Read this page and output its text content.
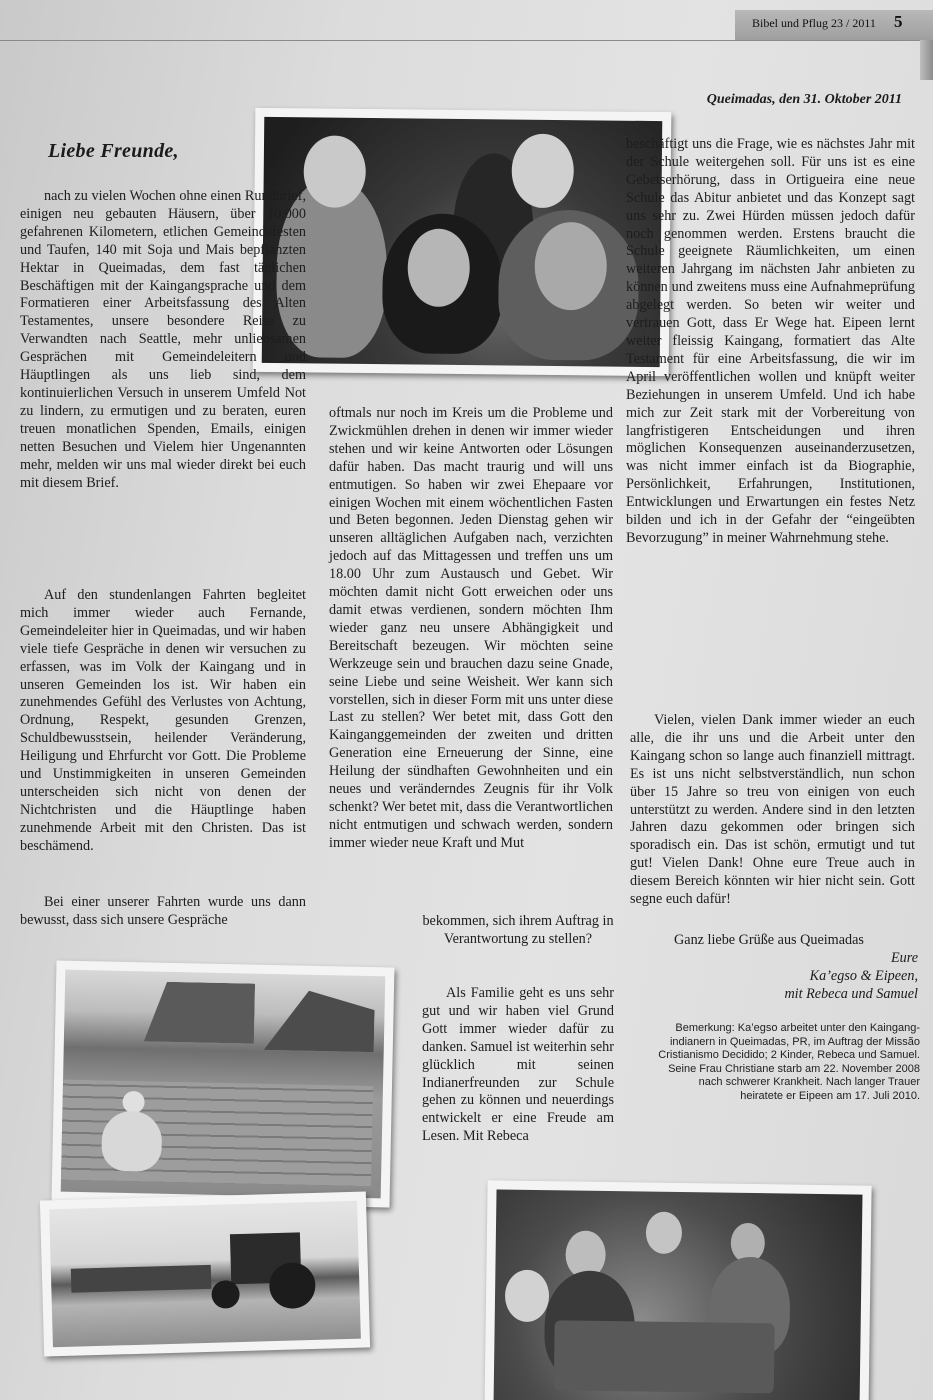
Bibel und Pflug 23 / 2011 5
Queimadas, den 31. Oktober 2011
Liebe Freunde,

nach zu vielen Wochen ohne einen Rundbrief, einigen neu gebauten Häusern, über 10.000 gefahrenen Kilometern, etlichen Gemeindefesten und Taufen, 140 mit Soja und Mais bepflanzten Hektar in Queimadas, dem fast täglichen Beschäftigen mit der Kaingangsprache und dem Formatieren einer Arbeitsfassung des Alten Testamentes, unsere besondere Reise zu Verwandten nach Seattle, mehr unliebsamen Gesprächen mit Gemeindeleitern und Häuptlingen als uns lieb sind, dem kontinuierlichen Versuch in unserem Umfeld Not zu lindern, zu ermutigen und zu beraten, euren treuen monatlichen Spenden, Emails, einigen netten Besuchen und Vielem hier Ungenannten mehr, melden wir uns mal wieder direkt bei euch mit diesem Brief.

Auf den stundenlangen Fahrten begleitet mich immer wieder auch Fernande, Gemeindeleiter hier in Queimadas, und wir haben viele tiefe Gespräche in denen wir versuchen zu erfassen, was im Volk der Kaingang und in unseren Gemeinden los ist. Wir haben ein zunehmendes Gefühl des Verlustes von Achtung, Ordnung, Respekt, gesunden Grenzen, Schuldbewusstsein, heilender Veränderung, Heiligung und Ehrfurcht vor Gott. Die Probleme und Unstimmigkeiten in unseren Gemeinden unterscheiden sich nicht von denen der Nichtchristen und die Häuptlinge haben zunehmende Arbeit mit den Christen. Das ist beschämend.

Bei einer unserer Fahrten wurde uns dann bewusst, dass sich unsere Gespräche

oftmals nur noch im Kreis um die Probleme und Zwickmühlen drehen in denen wir immer wieder stehen und wir keine Antworten oder Lösungen dafür haben. Das macht traurig und will uns entmutigen. So haben wir zwei Ehepaare vor einigen Wochen mit einem wöchentlichen Fasten und Beten begonnen. Jeden Dienstag gehen wir unseren alltäglichen Aufgaben nach, verzichten jedoch auf das Mittagessen und treffen uns um 18.00 Uhr zum Austausch und Gebet. Wir möchten damit nicht Gott erweichen oder uns damit etwas verdienen, sondern möchten Ihm wieder ganz neu unsere Abhängigkeit und Bereitschaft bezeugen. Wir möchten seine Werkzeuge sein und brauchen dazu seine Gnade, seine Liebe und seine Weisheit. Wer kann sich vorstellen, sich in dieser Form mit uns unter diese Last zu stellen? Wer betet mit, dass Gott den Kainganggemeinden der zweiten und dritten Generation eine Erneuerung der Sinne, eine Heilung der sündhaften Gewohnheiten und ein neues und veränderndes Zeugnis für ihr Volk schenkt? Wer betet mit, dass die Verantwortlichen nicht entmutigen und schwach werden, sondern immer wieder neue Kraft und Mut

bekommen, sich ihrem Auftrag in Verantwortung zu stellen?

Als Familie geht es uns sehr gut und wir haben viel Grund Gott immer wieder dafür zu danken. Samuel ist weiterhin sehr glücklich mit seinen Indianerfreunden zur Schule gehen zu können und neuerdings entwickelt er eine Freude am Lesen. Mit Rebeca

beschäftigt uns die Frage, wie es nächstes Jahr mit der Schule weitergehen soll. Für uns ist es eine Gebetserhörung, dass in Ortigueira eine neue Schule das Abitur anbietet und das Konzept sagt uns sehr zu. Zwei Hürden müssen jedoch dafür noch genommen werden. Erstens braucht die Schule geeignete Räumlichkeiten, um einen weiteren Jahrgang im nächsten Jahr anbieten zu können und zweitens muss eine Aufnahmeprüfung abgelegt werden. So beten wir weiter und vertrauen Gott, dass Er Wege hat. Eipeen lernt weiter fleissig Kaingang, formatiert das Alte Testament für eine Arbeitsfassung, die wir im April veröffentlichen wollen und knüpft weiter Beziehungen in unserem Umfeld. Und ich habe mich zur Zeit stark mit der Vorbereitung von langfristigeren Entscheidungen und ihren möglichen Konsequenzen auseinanderzusetzen, was nicht immer einfach ist da Biographie, Persönlichkeit, Erfahrungen, Institutionen, Entwicklungen und Erwartungen ein festes Netz bilden und ich in der Gefahr der “eingeübten Bevorzugung” in meiner Wahrnehmung stehe.

Vielen, vielen Dank immer wieder an euch alle, die ihr uns und die Arbeit unter den Kaingang schon so lange auch finanziell mittragt. Es ist uns nicht selbstverständlich, nun schon über 15 Jahre so treu von einigen von euch unterstützt zu werden. Andere sind in den letzten Jahren dazu gekommen oder bringen sich sporadisch ein. Das ist schön, ermutigt und tut gut! Vielen Dank! Ohne eure Treue auch in diesem Bereich könnten wir hier nicht sein. Gott segne euch dafür!

Ganz liebe Grüße aus Queimadas
Eure
Ka’egso & Eipeen,
mit Rebeca und Samuel
Bemerkung: Ka’egso arbeitet unter den Kaingang-
indianern in Queimadas, PR, im Auftrag der Missão
Cristianismo Decidido; 2 Kinder, Rebeca und Samuel.
Seine Frau Christiane starb am 22. November 2008
nach schwerer Krankheit. Nach langer Trauer
heiratete er Eipeen am 17. Juli 2010.
